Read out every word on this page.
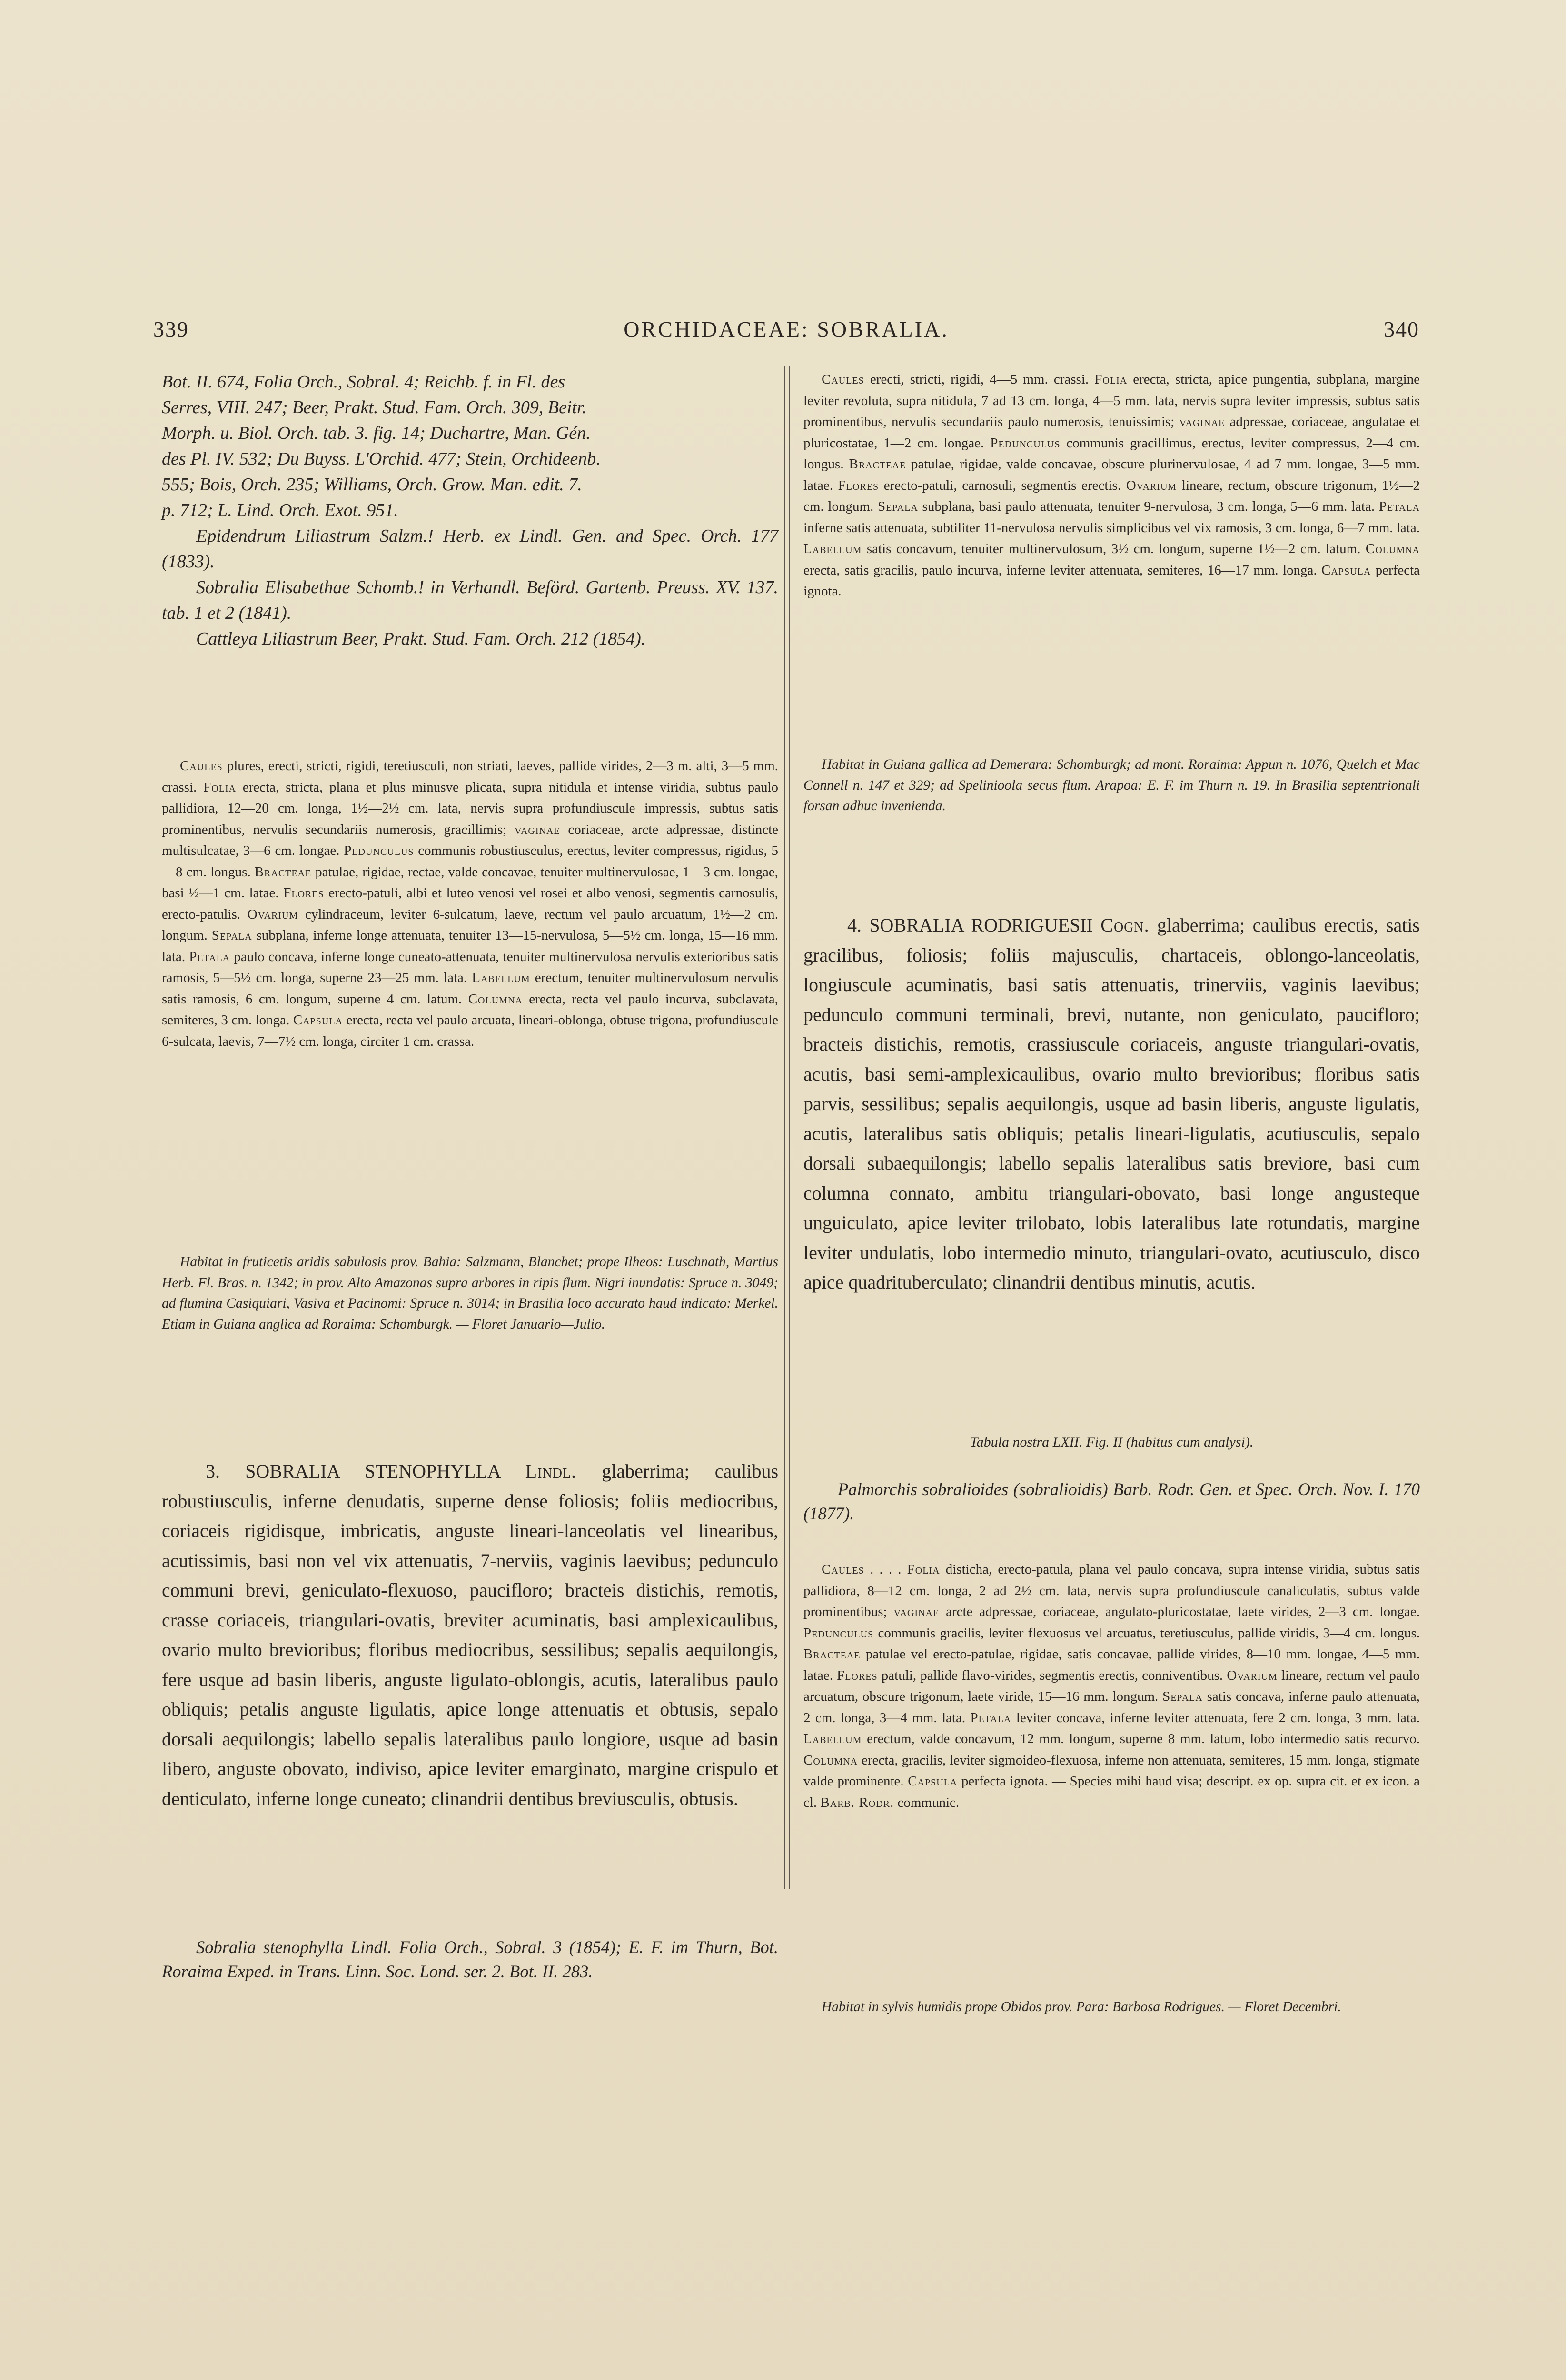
339	ORCHIDACEAE: SOBRALIA.	340

Bot. II. 674, Folia Orch., Sobral. 4; Reichb. f. in Fl. des

Serres, VIII. 247; Beer, Prakt. Stud. Fam. Orch. 309, Beitr.

Morph. u. Biol. Orch. tab. 3. fig. 14; Duchartre, Man. Gén.

des Pl. IV. 532; Du Buyss. L'Orchid. 477; Stein, Orchideenb.

555; Bois, Orch. 235; Williams, Orch. Grow. Man. edit. 7.

p. 712; L. Lind. Orch. Exot. 951.

Epidendrum Liliastrum Salzm.! Herb. ex Lindl. Gen. and Spec. Orch. 177 (1833).

Sobralia Elisabethae Schomb.! in Verhandl. Beförd. Gartenb. Preuss. XV. 137. tab. 1 et 2 (1841).

Cattleya Liliastrum Beer, Prakt. Stud. Fam. Orch. 212 (1854).

Caules plures, erecti, stricti, rigidi, teretiusculi, non striati, laeves, pallide virides, 2—3 m. alti, 3—5 mm. crassi. Folia erecta, stricta, plana et plus minusve plicata, supra nitidula et intense viridia, subtus paulo pallidiora, 12—20 cm. longa, 1½—2½ cm. lata, nervis supra profundiuscule impressis, subtus satis prominentibus, nervulis secundariis numerosis, gracillimis; vaginae coriaceae, arcte adpressae, distincte multisulcatae, 3—6 cm. longae. Pedunculus communis robustiusculus, erectus, leviter compressus, rigidus, 5—8 cm. longus. Bracteae patulae, rigidae, rectae, valde concavae, tenuiter multinervulosae, 1—3 cm. longae, basi ½—1 cm. latae. Flores erecto-patuli, albi et luteo venosi vel rosei et albo venosi, segmentis carnosulis, erecto-patulis. Ovarium cylindraceum, leviter 6-sulcatum, laeve, rectum vel paulo arcuatum, 1½—2 cm. longum. Sepala subplana, inferne longe attenuata, tenuiter 13—15-nervulosa, 5—5½ cm. longa, 15—16 mm. lata. Petala paulo concava, inferne longe cuneato-attenuata, tenuiter multinervulosa nervulis exterioribus satis ramosis, 5—5½ cm. longa, superne 23—25 mm. lata. Labellum erectum, tenuiter multinervulosum nervulis satis ramosis, 6 cm. longum, superne 4 cm. latum. Columna erecta, recta vel paulo incurva, subclavata, semiteres, 3 cm. longa. Capsula erecta, recta vel paulo arcuata, lineari-oblonga, obtuse trigona, profundiuscule 6-sulcata, laevis, 7—7½ cm. longa, circiter 1 cm. crassa.

Habitat in fruticetis aridis sabulosis prov. Bahia: Salzmann, Blanchet; prope Ilheos: Luschnath, Martius Herb. Fl. Bras. n. 1342; in prov. Alto Amazonas supra arbores in ripis flum. Nigri inundatis: Spruce n. 3049; ad flumina Casiquiari, Vasiva et Pacinomi: Spruce n. 3014; in Brasilia loco accurato haud indicato: Merkel. Etiam in Guiana anglica ad Roraima: Schomburgk. — Floret Januario—Julio.

3. SOBRALIA STENOPHYLLA Lindl. glaberrima; caulibus robustiusculis, inferne denudatis, superne dense foliosis; foliis mediocribus, coriaceis rigidisque, imbricatis, anguste lineari-lanceolatis vel linearibus, acutissimis, basi non vel vix attenuatis, 7-nerviis, vaginis laevibus; pedunculo communi brevi, geniculato-flexuoso, paucifloro; bracteis distichis, remotis, crasse coriaceis, triangulari-ovatis, breviter acuminatis, basi amplexicaulibus, ovario multo brevioribus; floribus mediocribus, sessilibus; sepalis aequilongis, fere usque ad basin liberis, anguste ligulato-oblongis, acutis, lateralibus paulo obliquis; petalis anguste ligulatis, apice longe attenuatis et obtusis, sepalo dorsali aequilongis; labello sepalis lateralibus paulo longiore, usque ad basin libero, anguste obovato, indiviso, apice leviter emarginato, margine crispulo et denticulato, inferne longe cuneato; clinandrii dentibus breviusculis, obtusis.

Sobralia stenophylla Lindl. Folia Orch., Sobral. 3 (1854); E. F. im Thurn, Bot. Roraima Exped. in Trans. Linn. Soc. Lond. ser. 2. Bot. II. 283.

Caules erecti, stricti, rigidi, 4—5 mm. crassi. Folia erecta, stricta, apice pungentia, subplana, margine leviter revoluta, supra nitidula, 7 ad 13 cm. longa, 4—5 mm. lata, nervis supra leviter impressis, subtus satis prominentibus, nervulis secundariis paulo numerosis, tenuissimis; vaginae adpressae, coriaceae, angulatae et pluricostatae, 1—2 cm. longae. Pedunculus communis gracillimus, erectus, leviter compressus, 2—4 cm. longus. Bracteae patulae, rigidae, valde concavae, obscure plurinervulosae, 4 ad 7 mm. longae, 3—5 mm. latae. Flores erecto-patuli, carnosuli, segmentis erectis. Ovarium lineare, rectum, obscure trigonum, 1½—2 cm. longum. Sepala subplana, basi paulo attenuata, tenuiter 9-nervulosa, 3 cm. longa, 5—6 mm. lata. Petala inferne satis attenuata, subtiliter 11-nervulosa nervulis simplicibus vel vix ramosis, 3 cm. longa, 6—7 mm. lata. Labellum satis concavum, tenuiter multinervulosum, 3½ cm. longum, superne 1½—2 cm. latum. Columna erecta, satis gracilis, paulo incurva, inferne leviter attenuata, semiteres, 16—17 mm. longa. Capsula perfecta ignota.

Habitat in Guiana gallica ad Demerara: Schomburgk; ad mont. Roraima: Appun n. 1076, Quelch et Mac Connell n. 147 et 329; ad Spelinioola secus flum. Arapoa: E. F. im Thurn n. 19. In Brasilia septentrionali forsan adhuc invenienda.

4. SOBRALIA RODRIGUESII Cogn. glaberrima; caulibus erectis, satis gracilibus, foliosis; foliis majusculis, chartaceis, oblongo-lanceolatis, longiuscule acuminatis, basi satis attenuatis, trinerviis, vaginis laevibus; pedunculo communi terminali, brevi, nutante, non geniculato, paucifloro; bracteis distichis, remotis, crassiuscule coriaceis, anguste triangulari-ovatis, acutis, basi semi-amplexicaulibus, ovario multo brevioribus; floribus satis parvis, sessilibus; sepalis aequilongis, usque ad basin liberis, anguste ligulatis, acutis, lateralibus satis obliquis; petalis lineari-ligulatis, acutiusculis, sepalo dorsali subaequilongis; labello sepalis lateralibus satis breviore, basi cum columna connato, ambitu triangulari-obovato, basi longe angusteque unguiculato, apice leviter trilobato, lobis lateralibus late rotundatis, margine leviter undulatis, lobo intermedio minuto, triangulari-ovato, acutiusculo, disco apice quadrituberculato; clinandrii dentibus minutis, acutis.

Tabula nostra LXII. Fig. II (habitus cum analysi).

Palmorchis sobralioides (sobralioidis) Barb. Rodr. Gen. et Spec. Orch. Nov. I. 170 (1877).

Caules . . . . Folia disticha, erecto-patula, plana vel paulo concava, supra intense viridia, subtus satis pallidiora, 8—12 cm. longa, 2 ad 2½ cm. lata, nervis supra profundiuscule canaliculatis, subtus valde prominentibus; vaginae arcte adpressae, coriaceae, angulato-pluricostatae, laete virides, 2—3 cm. longae. Pedunculus communis gracilis, leviter flexuosus vel arcuatus, teretiusculus, pallide viridis, 3—4 cm. longus. Bracteae patulae vel erecto-patulae, rigidae, satis concavae, pallide virides, 8—10 mm. longae, 4—5 mm. latae. Flores patuli, pallide flavo-virides, segmentis erectis, conniventibus. Ovarium lineare, rectum vel paulo arcuatum, obscure trigonum, laete viride, 15—16 mm. longum. Sepala satis concava, inferne paulo attenuata, 2 cm. longa, 3—4 mm. lata. Petala leviter concava, inferne leviter attenuata, fere 2 cm. longa, 3 mm. lata. Labellum erectum, valde concavum, 12 mm. longum, superne 8 mm. latum, lobo intermedio satis recurvo. Columna erecta, gracilis, leviter sigmoideo-flexuosa, inferne non attenuata, semiteres, 15 mm. longa, stigmate valde prominente. Capsula perfecta ignota. — Species mihi haud visa; descript. ex op. supra cit. et ex icon. a cl. Barb. Rodr. communic.

Habitat in sylvis humidis prope Obidos prov. Para: Barbosa Rodrigues. — Floret Decembri.
